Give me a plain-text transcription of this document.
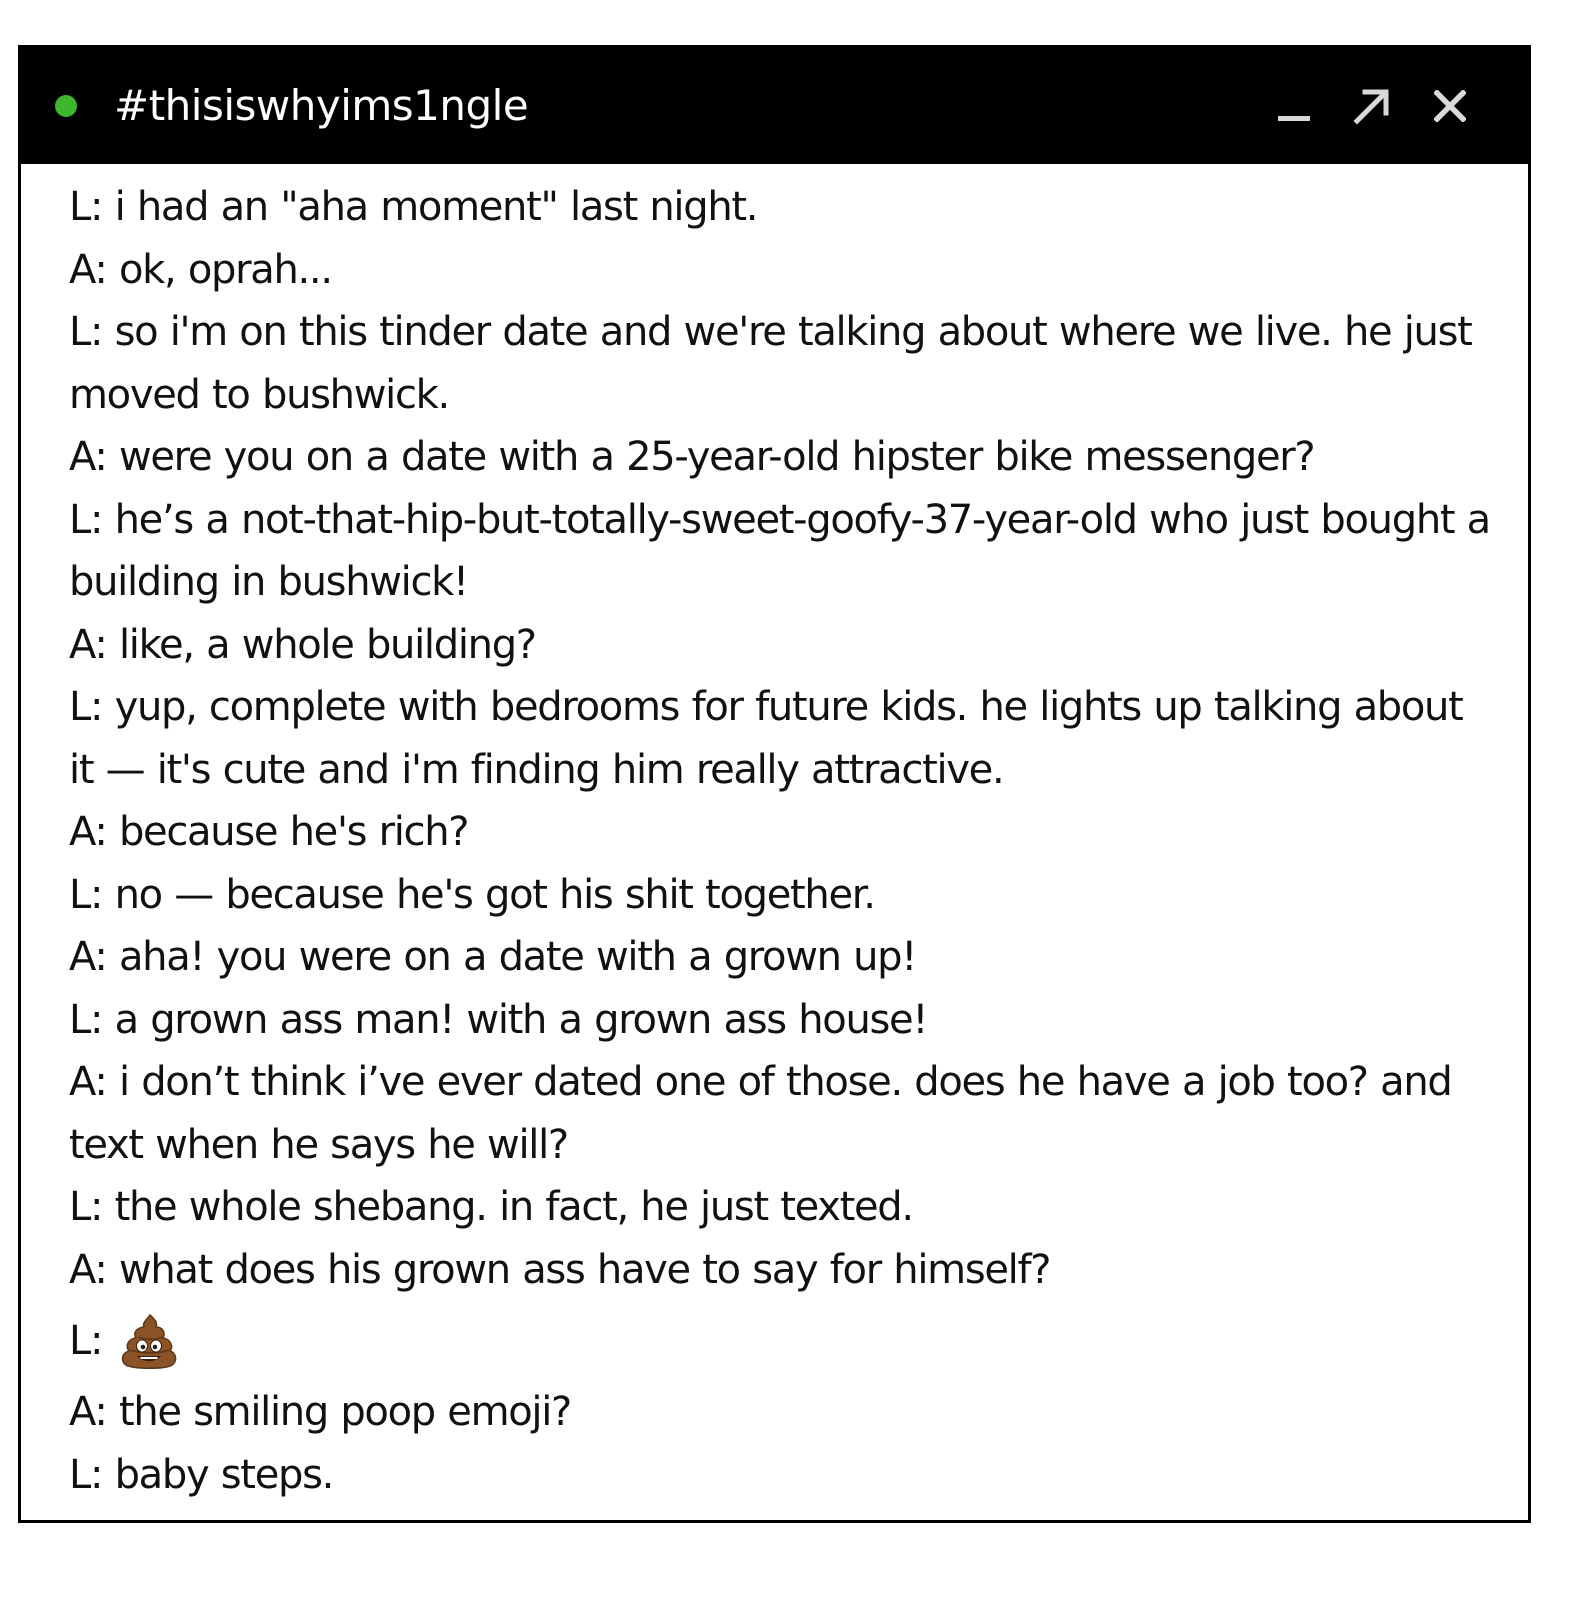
#thisiswhyims1ngle

L: i had an "aha moment" last night.

A: ok, oprah...

L: so i'm on this tinder date and we're talking about where we live. he just moved to bushwick.

A: were you on a date with a 25-year-old hipster bike messenger?

L: he’s a not-that-hip-but-totally-sweet-goofy-37-year-old who just bought a building in bushwick!

A: like, a whole building?

L: yup, complete with bedrooms for future kids. he lights up talking about it — it's cute and i'm finding him really attractive.

A: because he's rich?

L: no — because he's got his shit together.

A: aha! you were on a date with a grown up!

L: a grown ass man! with a grown ass house!

A: i don’t think i’ve ever dated one of those. does he have a job too? and text when he says he will?

L: the whole shebang. in fact, he just texted.

A: what does his grown ass have to say for himself?

L:

A: the smiling poop emoji?

L: baby steps.
